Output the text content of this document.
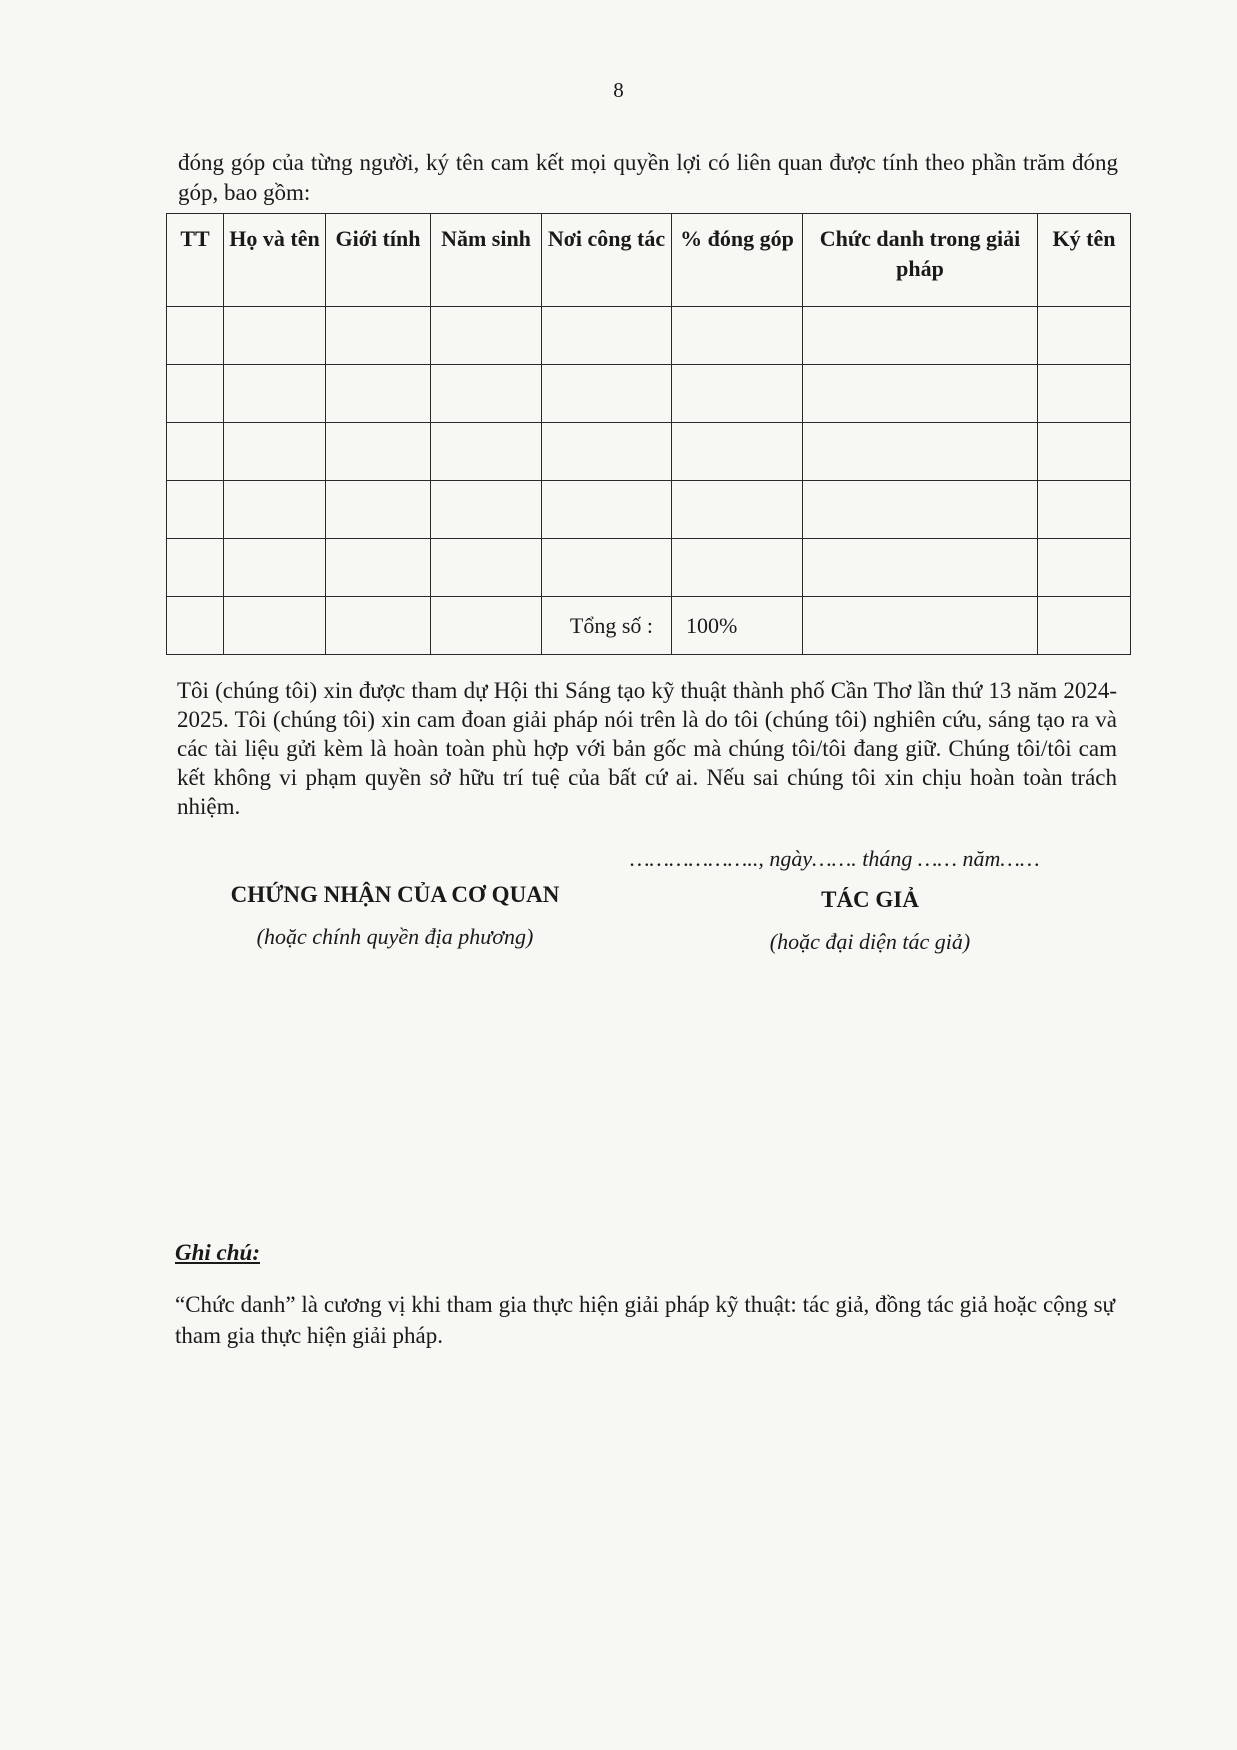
8
đóng góp của từng người, ký tên cam kết mọi quyền lợi có liên quan được tính theo phần trăm đóng góp, bao gồm:
TT	Họ và tên	Giới tính	Năm sinh	Nơi công tác	% đóng góp	Chức danh trong giải pháp	Ký tên

				Tổng số :	100%		
Tôi (chúng tôi) xin được tham dự Hội thi Sáng tạo kỹ thuật thành phố Cần Thơ lần thứ 13 năm 2024-2025. Tôi (chúng tôi) xin cam đoan giải pháp nói trên là do tôi (chúng tôi) nghiên cứu, sáng tạo ra và các tài liệu gửi kèm là hoàn toàn phù hợp với bản gốc mà chúng tôi/tôi đang giữ. Chúng tôi/tôi cam kết không vi phạm quyền sở hữu trí tuệ của bất cứ ai. Nếu sai chúng tôi xin chịu hoàn toàn trách nhiệm.
……………….., ngày……. tháng …… năm……
CHỨNG NHẬN CỦA CƠ QUAN
(hoặc chính quyền địa phương)
TÁC GIẢ
(hoặc đại diện tác giả)
Ghi chú:
“Chức danh” là cương vị khi tham gia thực hiện giải pháp kỹ thuật: tác giả, đồng tác giả hoặc cộng sự tham gia thực hiện giải pháp.
